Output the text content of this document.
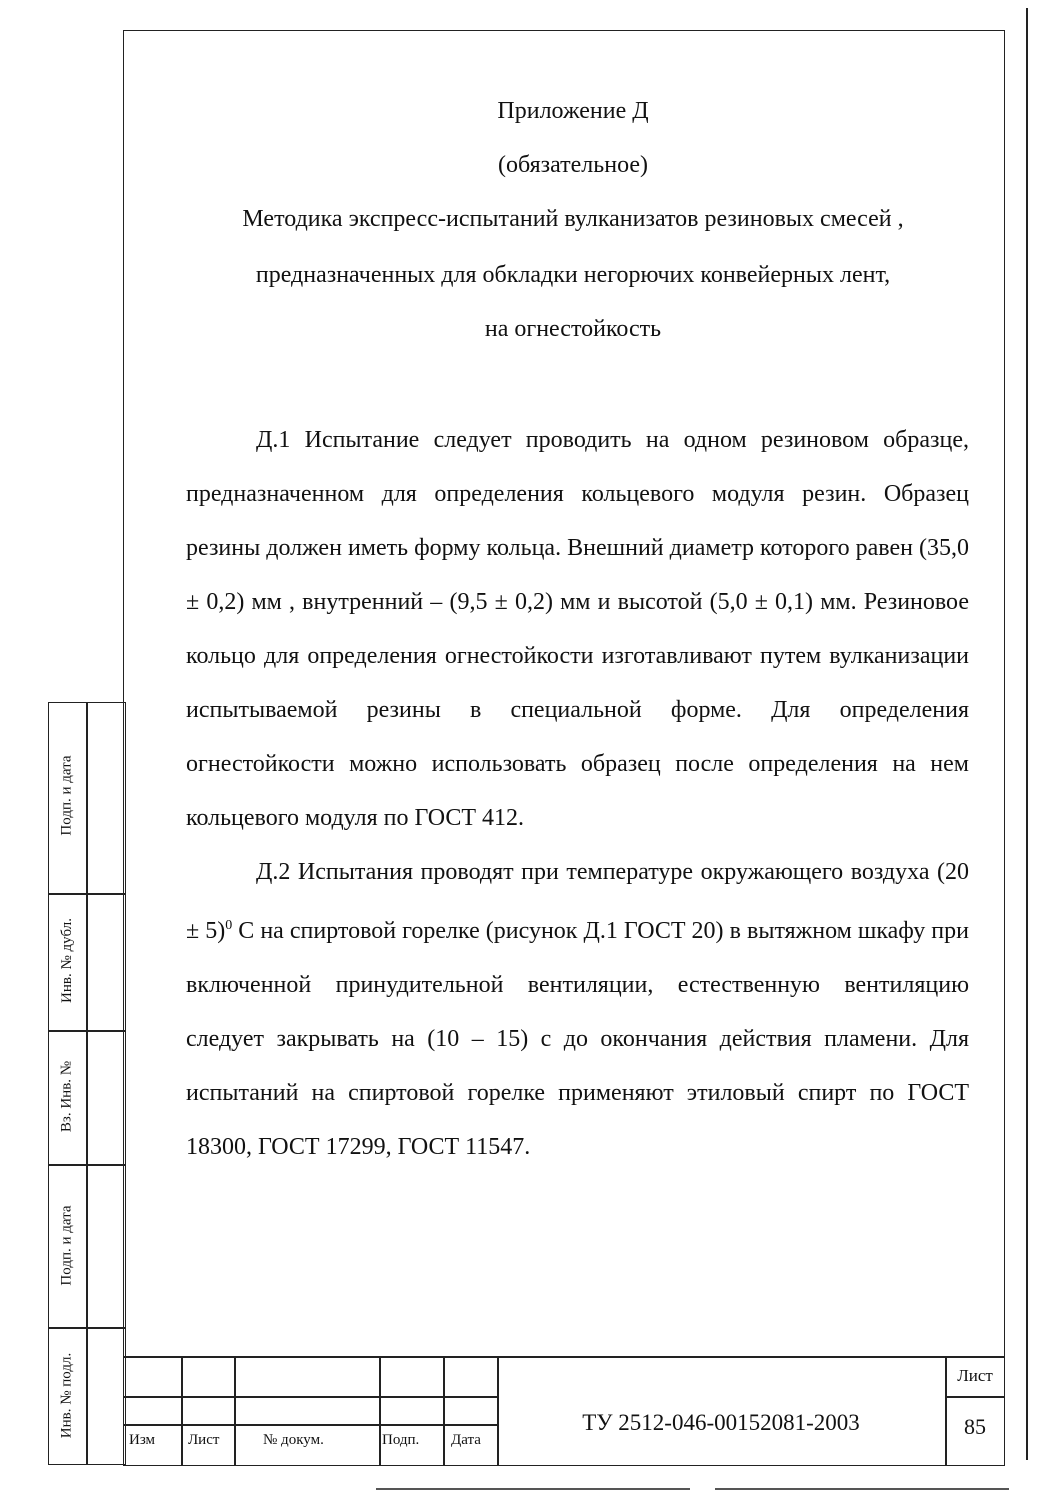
Приложение Д
(обязательное)
Методика экспресс-испытаний вулканизатов резиновых смесей ,
предназначенных для обкладки негорючих конвейерных лент,
на огнестойкость

Д.1 Испытание следует проводить на одном резиновом образце, предназначенном для определения кольцевого модуля резин. Образец резины должен иметь форму кольца. Внешний диаметр которого равен (35,0 ± 0,2) мм , внутренний – (9,5 ± 0,2) мм и высотой (5,0 ± 0,1) мм. Резиновое кольцо для определения огнестойкости изготавливают путем вулканизации испытываемой резины в специальной форме. Для определения огнестойкости можно использовать образец после определения на нем кольцевого модуля по ГОСТ 412.

Д.2 Испытания проводят при температуре окружающего воздуха $(20 \pm 5)^0$ С на спиртовой горелке (рисунок Д.1 ГОСТ 20) в вытяжном шкафу при включенной принудительной вентиляции, естественную вентиляцию следует закрывать на (10 – 15) с до окончания действия пламени. Для испытаний на спиртовой горелке применяют этиловый спирт по ГОСТ 18300, ГОСТ 17299, ГОСТ 11547.

Подп. и дата
Инв. № дубл.
Вз. Инв. №
Подп. и дата
Инв. № подл.
Изм Лист	№ докум.	Подп. Дата
ТУ 2512-046-00152081-2003
Лист
85
